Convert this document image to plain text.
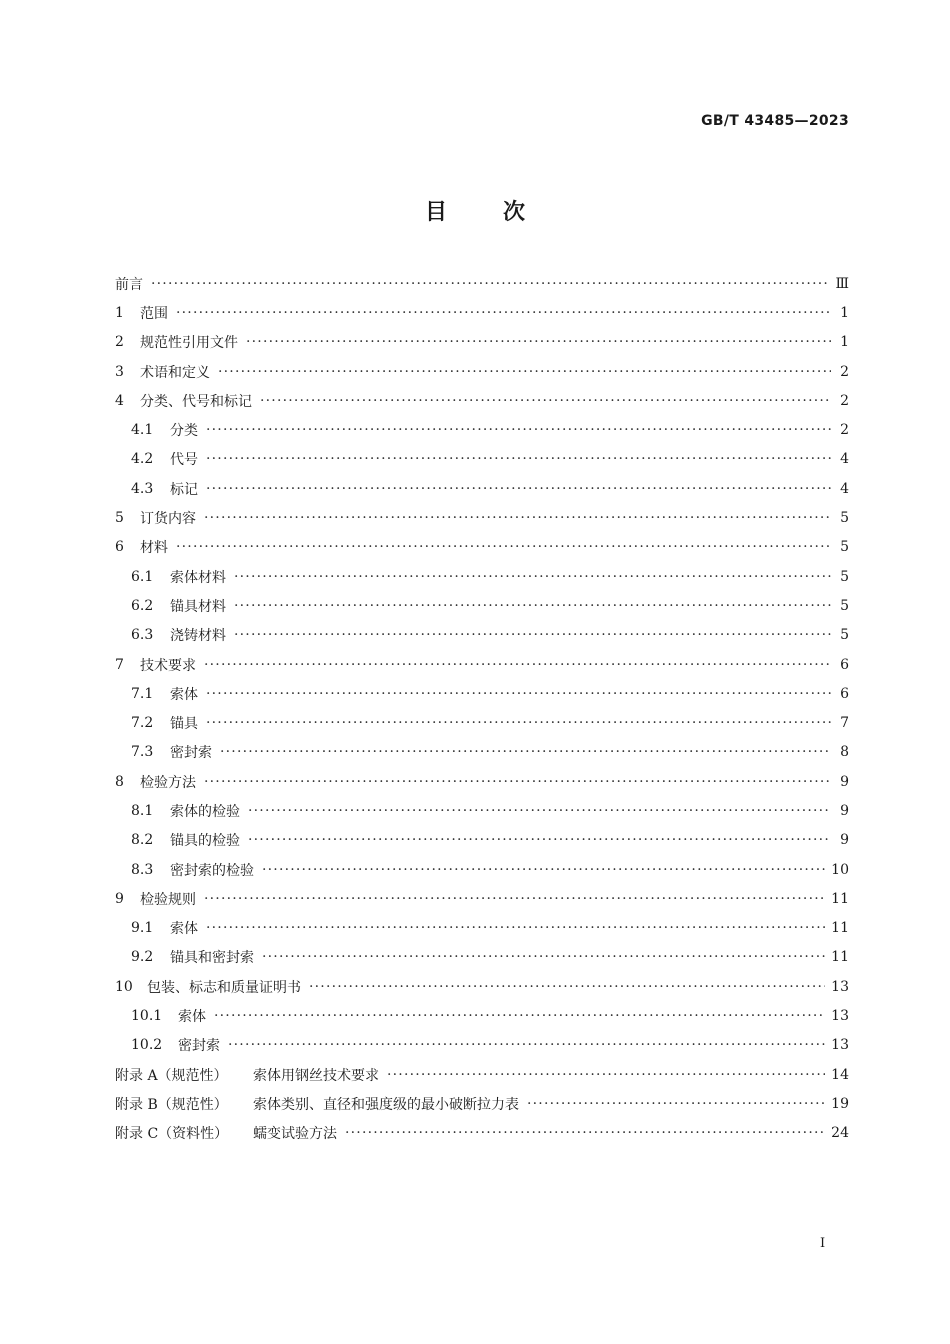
GB/T 43485—2023
目次
前言 ·····	Ⅲ
1	范围 ·····	1
2	规范性引用文件 ·····	1
3	术语和定义 ·····	2
4	分类、代号和标记 ·····	2
4.1	分类 ·····	2
4.2	代号 ·····	4
4.3	标记 ·····	4
5	订货内容 ·····	5
6	材料 ·····	5
6.1	索体材料 ·····	5
6.2	锚具材料 ·····	5
6.3	浇铸材料 ·····	5
7	技术要求 ·····	6
7.1	索体 ·····	6
7.2	锚具 ·····	7
7.3	密封索 ·····	8
8	检验方法 ·····	9
8.1	索体的检验 ·····	9
8.2	锚具的检验 ·····	9
8.3	密封索的检验 ·····	10
9	检验规则 ·····	11
9.1	索体 ·····	11
9.2	锚具和密封索 ·····	11
10	包装、标志和质量证明书 ·····	13
10.1	索体 ·····	13
10.2	密封索 ·····	13
附录 A（规范性）	索体用钢丝技术要求 ·····	14
附录 B（规范性）	索体类别、直径和强度级的最小破断拉力表 ·····	19
附录 C（资料性）	蠕变试验方法 ·····	24
Ⅰ
